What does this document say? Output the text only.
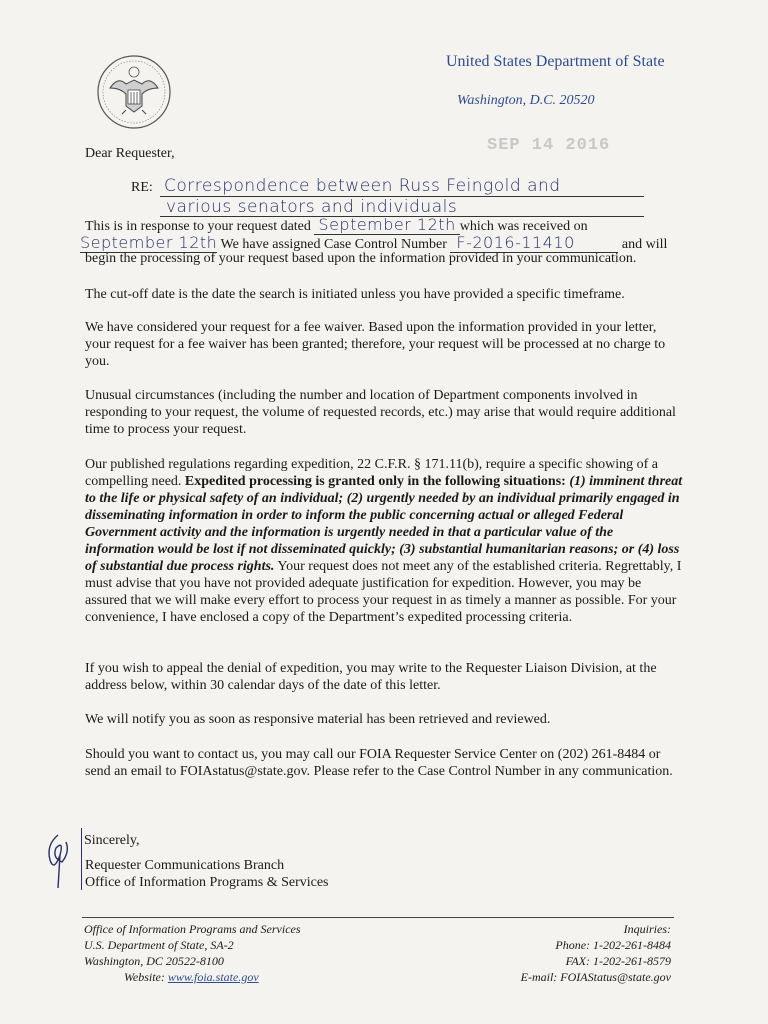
United States Department of State
Washington, D.C. 20520
SEP 14 2016
Dear Requester,
RE: Correspondence between Russ Feingold and
various senators and individuals
This is in response to your request dated September 12th which was received on
September 12th We have assigned Case Control Number F-2016-11410	and will
begin the processing of your request based upon the information provided in your communication.
The cut-off date is the date the search is initiated unless you have provided a specific timeframe.
We have considered your request for a fee waiver. Based upon the information provided in your letter, your request for a fee waiver has been granted; therefore, your request will be processed at no charge to you.
Unusual circumstances (including the number and location of Department components involved in responding to your request, the volume of requested records, etc.) may arise that would require additional time to process your request.
Our published regulations regarding expedition, 22 C.F.R. § 171.11(b), require a specific showing of a compelling need. Expedited processing is granted only in the following situations: (1) imminent threat to the life or physical safety of an individual; (2) urgently needed by an individual primarily engaged in disseminating information in order to inform the public concerning actual or alleged Federal Government activity and the information is urgently needed in that a particular value of the information would be lost if not disseminated quickly; (3) substantial humanitarian reasons; or (4) loss of substantial due process rights. Your request does not meet any of the established criteria. Regrettably, I must advise that you have not provided adequate justification for expedition. However, you may be assured that we will make every effort to process your request in as timely a manner as possible. For your convenience, I have enclosed a copy of the Department’s expedited processing criteria.
If you wish to appeal the denial of expedition, you may write to the Requester Liaison Division, at the address below, within 30 calendar days of the date of this letter.
We will notify you as soon as responsive material has been retrieved and reviewed.
Should you want to contact us, you may call our FOIA Requester Service Center on (202) 261-8484 or send an email to FOIAstatus@state.gov. Please refer to the Case Control Number in any communication.
Sincerely,
Requester Communications Branch
Office of Information Programs & Services
Office of Information Programs and Services
U.S. Department of State, SA-2
Washington, DC 20522-8100
Website: www.foia.state.gov
Inquiries:
Phone: 1-202-261-8484
FAX: 1-202-261-8579
E-mail: FOIAStatus@state.gov
